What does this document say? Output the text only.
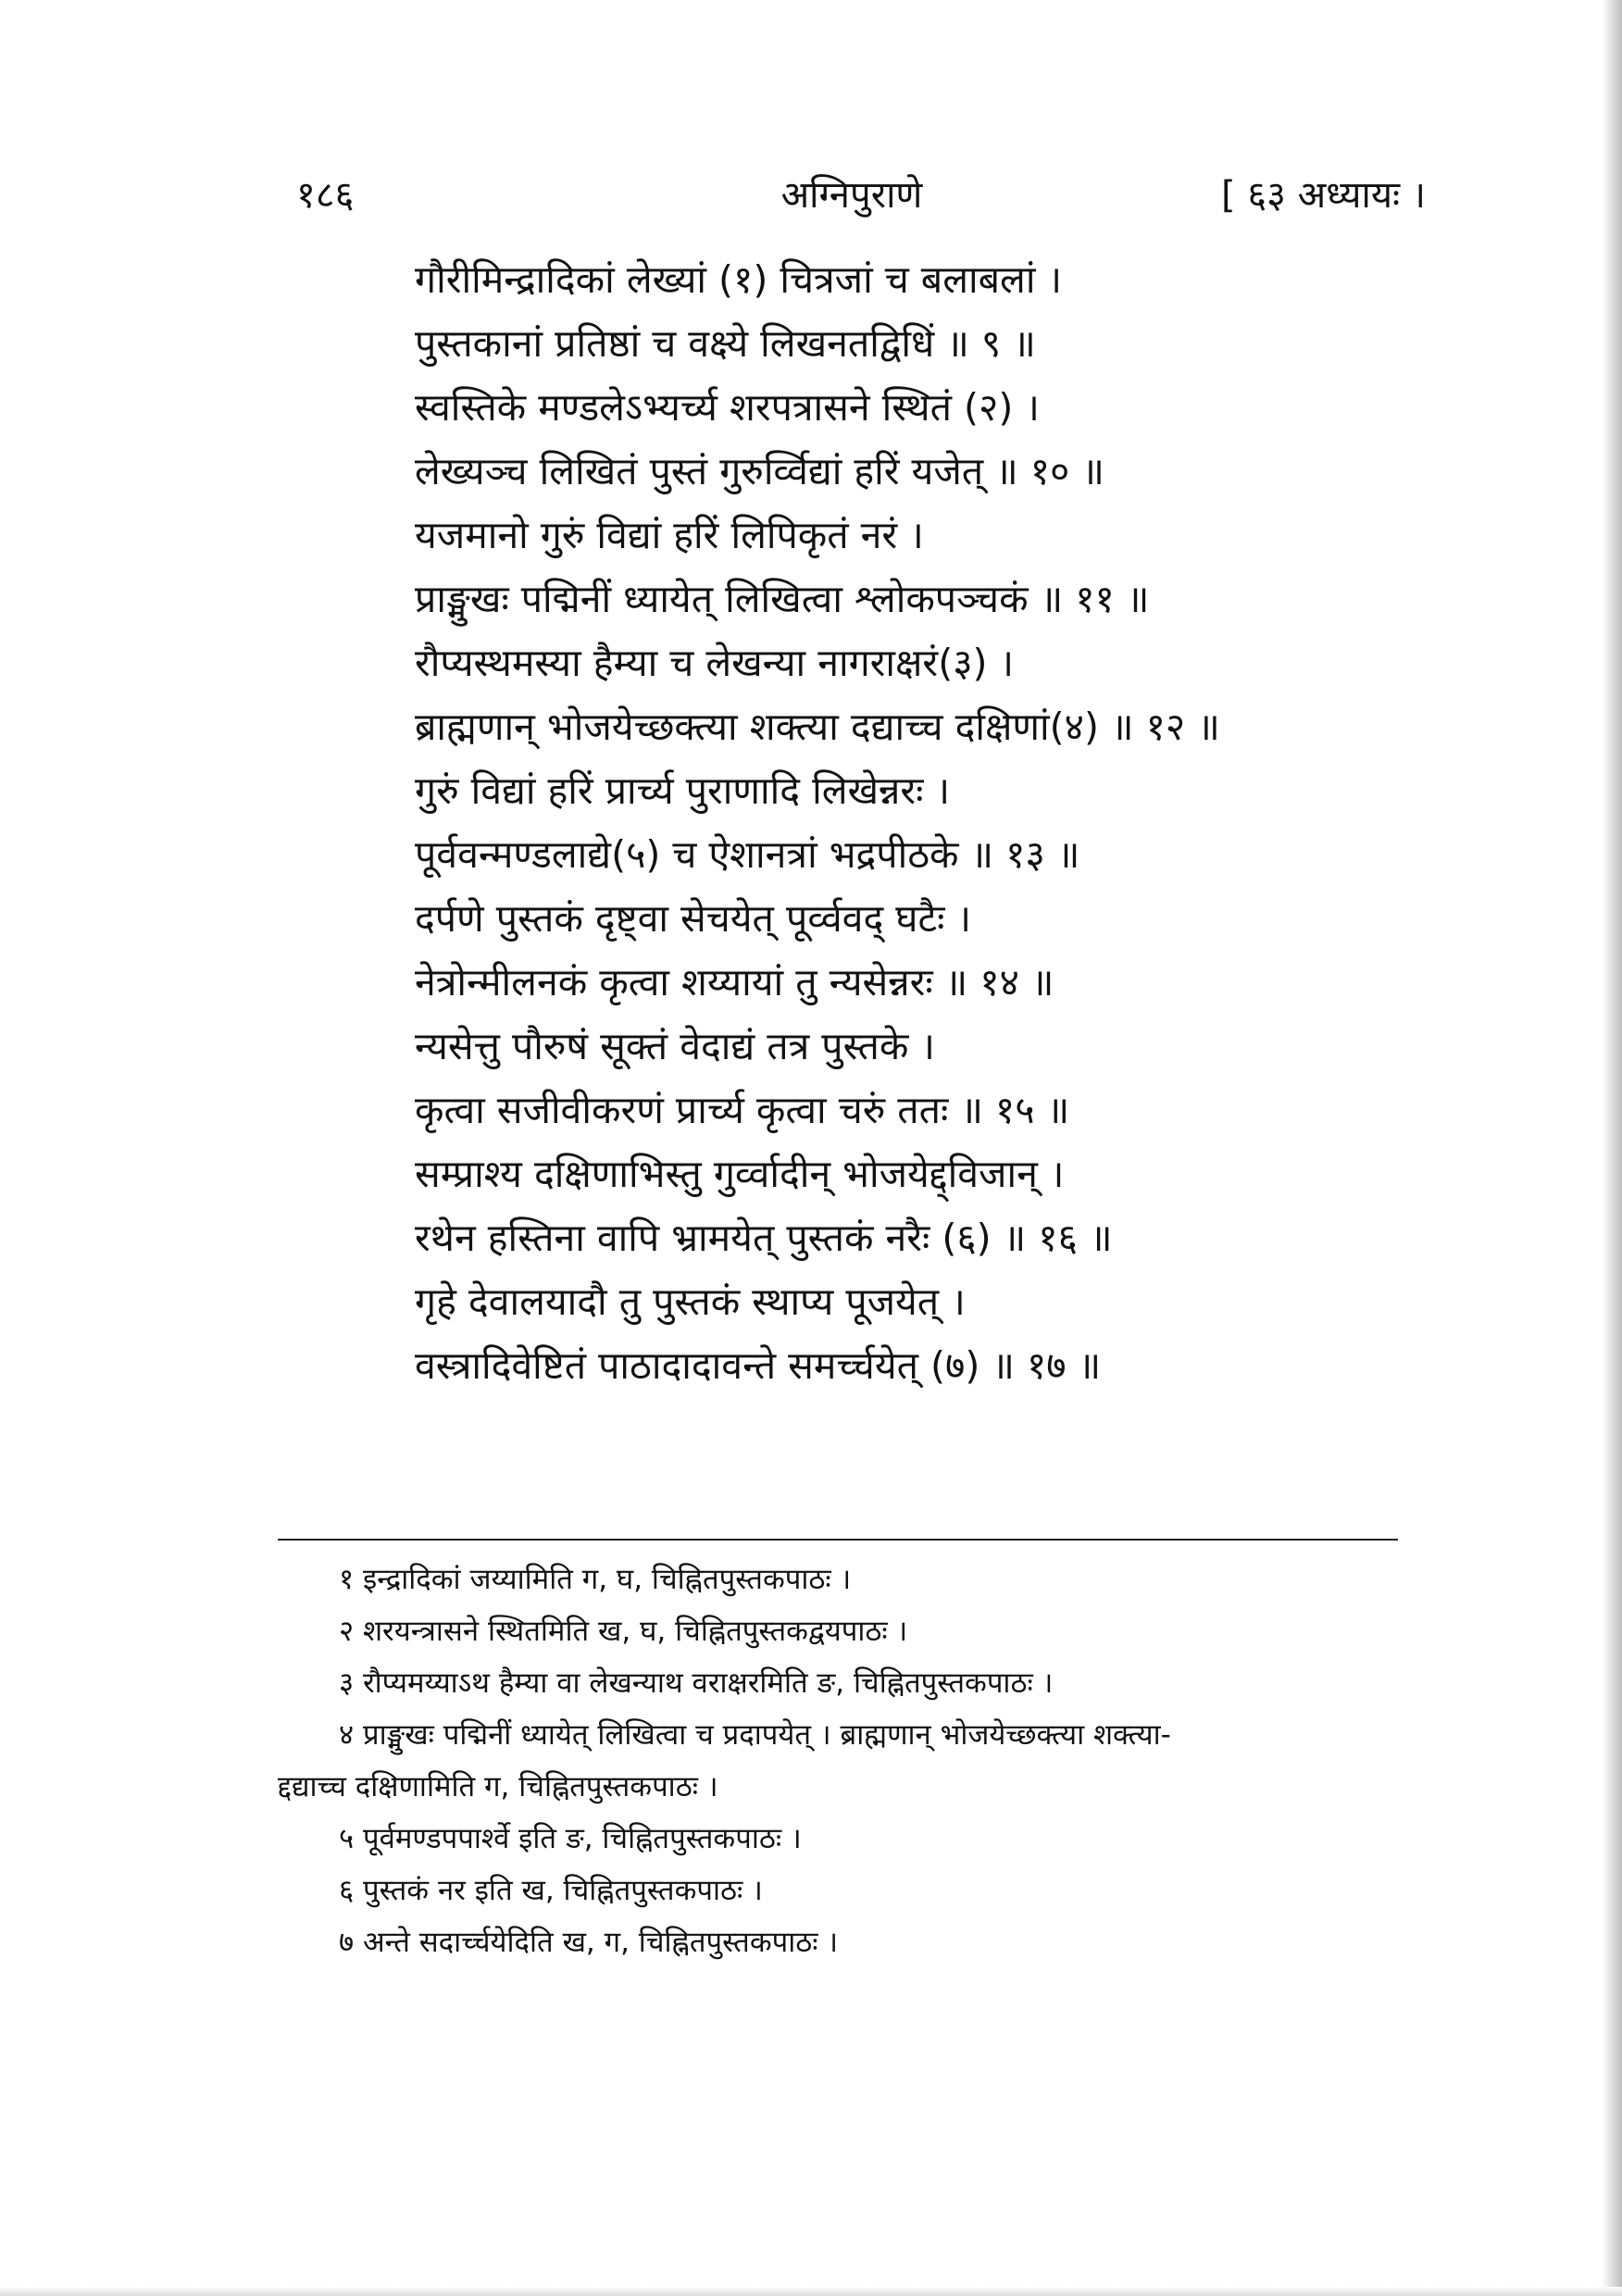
१८६	अग्निपुराणे	[ ६३ अध्यायः ।
गौरीमिन्द्रादिकां लेख्यां (१) चित्रजां च बलाबलां ।
पुस्तकानां प्रतिष्ठां च वक्ष्ये लिखनतद्विधिं ॥ ९ ॥
स्वस्तिके मण्डलेऽभ्यर्च्य शरपत्रासने स्थितं (२) ।
लेख्यञ्च लिखितं पुस्तं गुरुर्व्विद्यां हरिं यजेत् ॥ १० ॥
यजमानो गुरुं विद्यां हरिं लिपिकृतं नरं ।
प्राङ्मुखः पद्मिनीं ध्यायेत् लिखित्वा श्लोकपञ्चकं ॥ ११ ॥
रौप्यस्थमस्या हैम्या च लेखन्या नागराक्षरं(३) ।
ब्राह्मणान् भोजयेच्छक्त्या शक्त्या दद्याच्च दक्षिणां(४) ॥ १२ ॥
गुरुं विद्यां हरिं प्रार्च्य पुराणादि लिखेन्नरः ।
पूर्ववन्मण्डलाद्ये(५) च ऐशानत्रां भद्रपीठके ॥ १३ ॥
दर्पणे पुस्तकं दृष्ट्वा सेचयेत् पूर्व्ववद् घटैः ।
नेत्रोन्मीलनकं कृत्वा शय्यायां तु न्यसेन्नरः ॥ १४ ॥
न्यसेत्तु पौरुषं सूक्तं वेदाद्यं तत्र पुस्तके ।
कृत्वा सजीवीकरणं प्रार्च्य कृत्वा चरुं ततः ॥ १५ ॥
सम्प्राश्य दक्षिणाभिस्तु गुर्व्वादीन् भोजयेद्द्विजान् ।
रथेन हस्तिना वापि भ्रामयेत् पुस्तकं नरैः (६) ॥ १६ ॥
गृहे देवालयादौ तु पुस्तकं स्थाप्य पूजयेत् ।
वस्त्रादिवेष्टितं पाठादादावन्ते समर्च्चयेत् (७) ॥ १७ ॥
१ इन्द्रादिकां जय्यामिति ग, घ, चिह्नितपुस्तकपाठः ।
२ शरयन्त्रासने स्थितमिति ख, घ, चिह्नितपुस्तकद्वयपाठः ।
३ रौप्यमय्याऽथ हैम्या वा लेखन्याथ वराक्षरमिति ङ, चिह्नितपुस्तकपाठः ।
४ प्राङ्मुखः पद्मिनीं ध्यायेत् लिखित्वा च प्रदापयेत् । ब्राह्मणान् भोजयेच्छक्त्या शक्त्या-
द्दद्याच्च दक्षिणामिति ग, चिह्नितपुस्तकपाठः ।
५ पूर्वमण्डपपार्श्वे इति ङ, चिह्नितपुस्तकपाठः ।
६ पुस्तकं नर इति ख, चिह्नितपुस्तकपाठः ।
७ अन्ते सदार्च्चयेदिति ख, ग, चिह्नितपुस्तकपाठः ।
